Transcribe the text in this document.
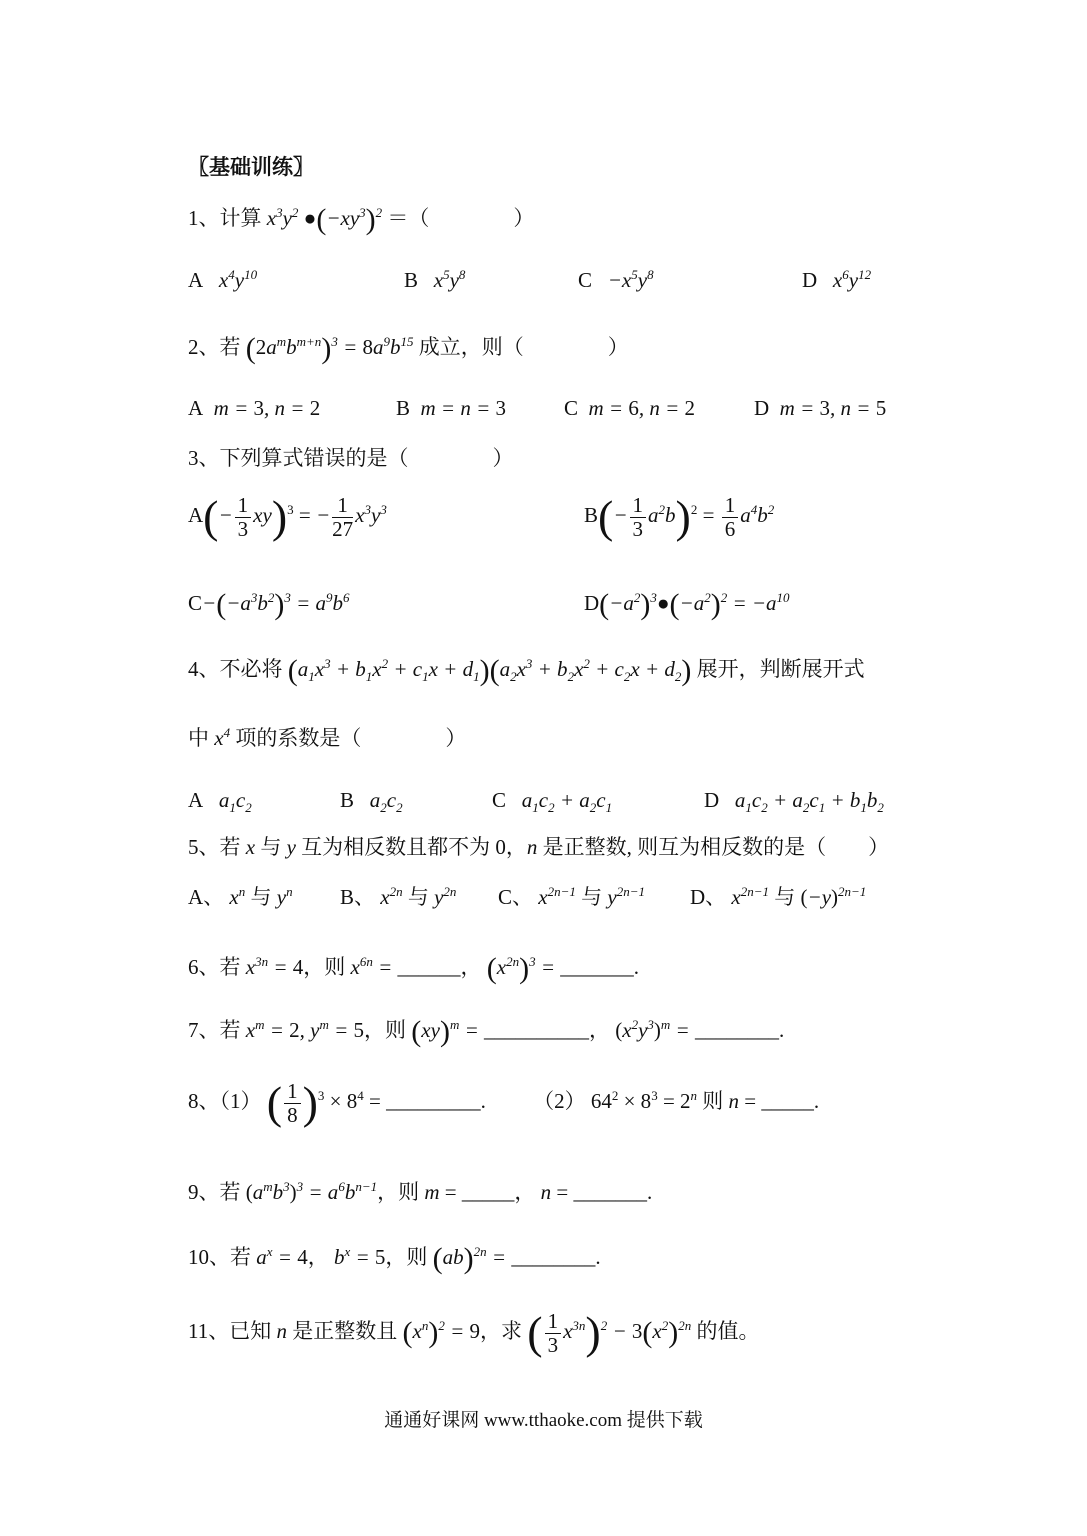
〖基础训练〗
1、计算 $x^3y^2$ $●(-xy^3)^2$ ＝（　　　　）
A $x^4y^{10}$	B $x^5y^8$	$C -x^5y^8$	D $x^6y^{12}$
2、若 $(2a^mb^{m+n})^3 = 8a^9b^{15}$ 成立，则（　　　　）
A m = 3, n = 2	B m = n = 3	C m = 6, n = 2	D m = 3, n = 5
3、下列算式错误的是（　　　　）
$A(- \frac{1}{3} xy)^3$ = − $\frac{1}{27} x^3y^3$	$B(- \frac{1}{3} a^2b)^2 = \frac{1}{6} a^4b^2$
$C-(-a^3b^2)^3 = a^9b^6$	$D(-a^2)^3●(-a^2)^2 = -a^{10}$
4、不必将 $(a_1x^3 + b_1x^2 + c_1x + d_1)(a_2x^3 + b_2x^2 + c_2x + d_2)$ 展开，判断展开式
中 $x^4$ 项的系数是（　　　　）
A $a_1c_2$	B $a_2c_2$	C $a_1c_2 + a_2c_1$	D $a_1c_2 + a_2c_1 + b_1b_2$
5、若 x 与 y 互为相反数且都不为 0，n 是正整数, 则互为相反数的是（　　）
A、 $x^n$ 与 $y^n$ B、 $x^{2n}$ 与 $y^{2n}$ C、 $x^{2n-1}$ 与 $y^{2n-1}$ D、 $x^{2n-1}$ 与 $(-y)^{2n-1}$
6、若 $x^{3n} = 4$，则 $x^{6n}$ = ______， $(x^{2n})^3$ = _______.
7、若 $x^m = 2$, $y^m = 5$，则 (xy)$^m$ = __________， $(x^2y^3)^m$ = ________.
8、（1） ( $\frac{1}{8} )^3 \times 8^4$ = _________. （2） $64^2 \times 8^3 = 2^n$ 则 n = _____.
9、若 $(a^mb^3)^3 = a^6b^{n-1}$，则 m = _____， n = _______.
10、若 $a^x = 4$， $b^x = 5$，则 (ab)$^{2n}$ = ________.
11、已知 n 是正整数且 $(x^n)^2 = 9$，求 ( $\frac{1}{3} x^{3n})^2 - 3(x^2)^{2n}$ 的值。
通通好课网 www.tthaoke.com 提供下载
